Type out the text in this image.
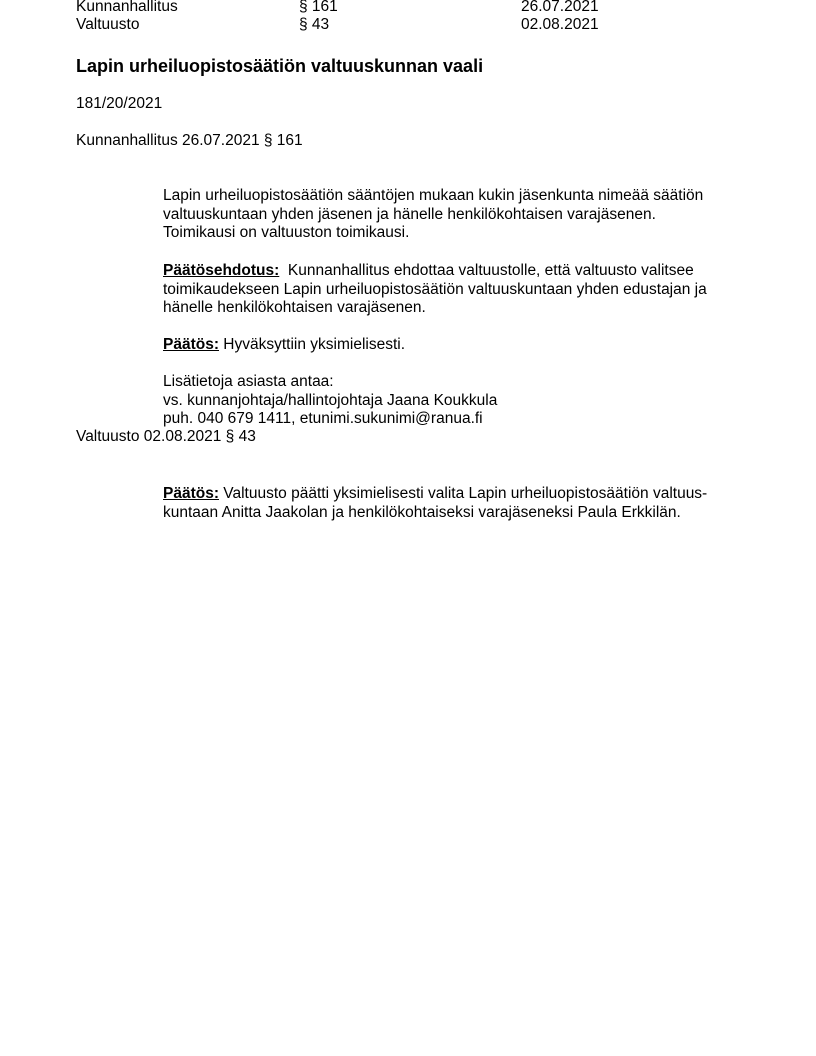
Kunnanhallitus	§ 161	26.07.2021
Valtuusto	§ 43	02.08.2021
Lapin urheiluopistosäätiön valtuuskunnan vaali
181/20/2021
Kunnanhallitus 26.07.2021 § 161
Lapin urheiluopistosäätiön sääntöjen mukaan kukin jäsenkunta nimeää säätiön
valtuuskuntaan yhden jäsenen ja hänelle henkilökohtaisen varajäsenen.
Toimikausi on valtuuston toimikausi.
Päätösehdotus:  Kunnanhallitus ehdottaa valtuustolle, että valtuusto valitsee
toimikaudekseen Lapin urheiluopistosäätiön valtuuskuntaan yhden edustajan ja
hänelle henkilökohtaisen varajäsenen.
Päätös: Hyväksyttiin yksimielisesti.
Lisätietoja asiasta antaa:
vs. kunnanjohtaja/hallintojohtaja Jaana Koukkula
puh. 040 679 1411, etunimi.sukunimi@ranua.fi
Valtuusto 02.08.2021 § 43
Päätös: Valtuusto päätti yksimielisesti valita Lapin urheiluopistosäätiön valtuus-
kuntaan Anitta Jaakolan ja henkilökohtaiseksi varajäseneksi Paula Erkkilän.
